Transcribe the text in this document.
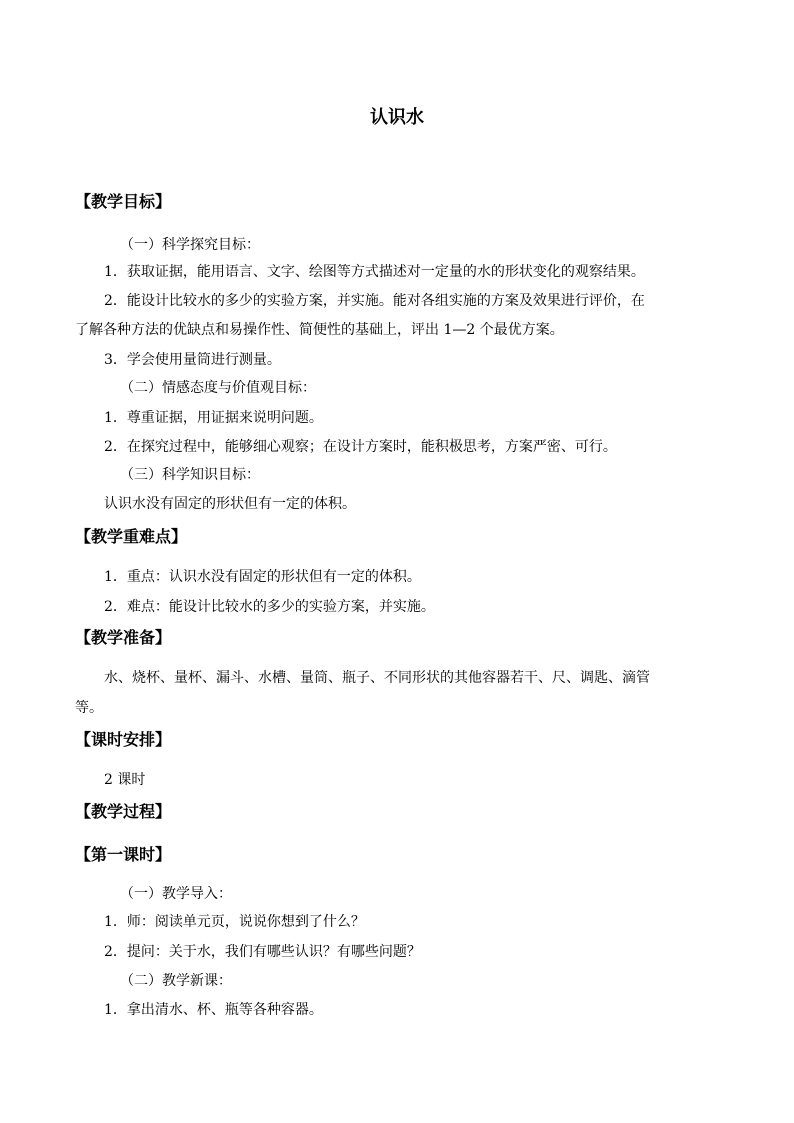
认识水
【教学目标】
（一）科学探究目标：
1．获取证据，能用语言、文字、绘图等方式描述对一定量的水的形状变化的观察结果。
2．能设计比较水的多少的实验方案，并实施。能对各组实施的方案及效果进行评价，在
了解各种方法的优缺点和易操作性、简便性的基础上，评出 1—2 个最优方案。
3．学会使用量筒进行测量。
（二）情感态度与价值观目标：
1．尊重证据，用证据来说明问题。
2．在探究过程中，能够细心观察；在设计方案时，能积极思考，方案严密、可行。
（三）科学知识目标：
认识水没有固定的形状但有一定的体积。
【教学重难点】
1．重点：认识水没有固定的形状但有一定的体积。
2．难点：能设计比较水的多少的实验方案，并实施。
【教学准备】
水、烧杯、量杯、漏斗、水槽、量筒、瓶子、不同形状的其他容器若干、尺、调匙、滴管
等。
【课时安排】
2 课时
【教学过程】
【第一课时】
（一）教学导入：
1．师：阅读单元页，说说你想到了什么？
2．提问：关于水，我们有哪些认识？有哪些问题？
（二）教学新课：
1．拿出清水、杯、瓶等各种容器。
